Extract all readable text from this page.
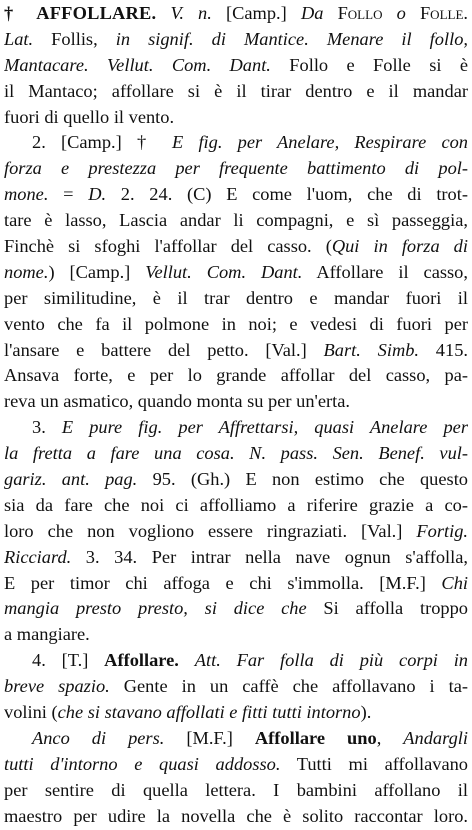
† AFFOLLARE. V. n. [Camp.] Da Follo o Folle.
Lat. Follis, in signif. di Mantice. Menare il follo,
Mantacare. Vellut. Com. Dant. Follo e Folle si è
il Mantaco; affollare si è il tirar dentro e il mandar
fuori di quello il vento.
2. [Camp.] † E fig. per Anelare, Respirare con
forza e prestezza per frequente battimento di pol-
mone. = D. 2. 24. (C) E come l'uom, che di trot-
tare è lasso, Lascia andar li compagni, e sì passeggia,
Finchè si sfoghi l'affollar del casso. (Qui in forza di
nome.) [Camp.] Vellut. Com. Dant. Affollare il casso,
per similitudine, è il trar dentro e mandar fuori il
vento che fa il polmone in noi; e vedesi di fuori per
l'ansare e battere del petto. [Val.] Bart. Simb. 415.
Ansava forte, e per lo grande affollar del casso, pa-
reva un asmatico, quando monta su per un'erta.
3. E pure fig. per Affrettarsi, quasi Anelare per
la fretta a fare una cosa. N. pass. Sen. Benef. vul-
gariz. ant. pag. 95. (Gh.) E non estimo che questo
sia da fare che noi ci affolliamo a riferire grazie a co-
loro che non vogliono essere ringraziati. [Val.] Fortig.
Ricciard. 3. 34. Per intrar nella nave ognun s'affolla,
E per timor chi affoga e chi s'immolla. [M.F.] Chi
mangia presto presto, si dice che Si affolla troppo
a mangiare.
4. [T.] Affollare. Att. Far folla di più corpi in
breve spazio. Gente in un caffè che affollavano i ta-
volini (che si stavano affollati e fitti tutti intorno).
Anco di pers. [M.F.] Affollare uno, Andargli
tutti d'intorno e quasi addosso. Tutti mi affollavano
per sentire di quella lettera. I bambini affollano il
maestro per udire la novella che è solito raccontar loro.
